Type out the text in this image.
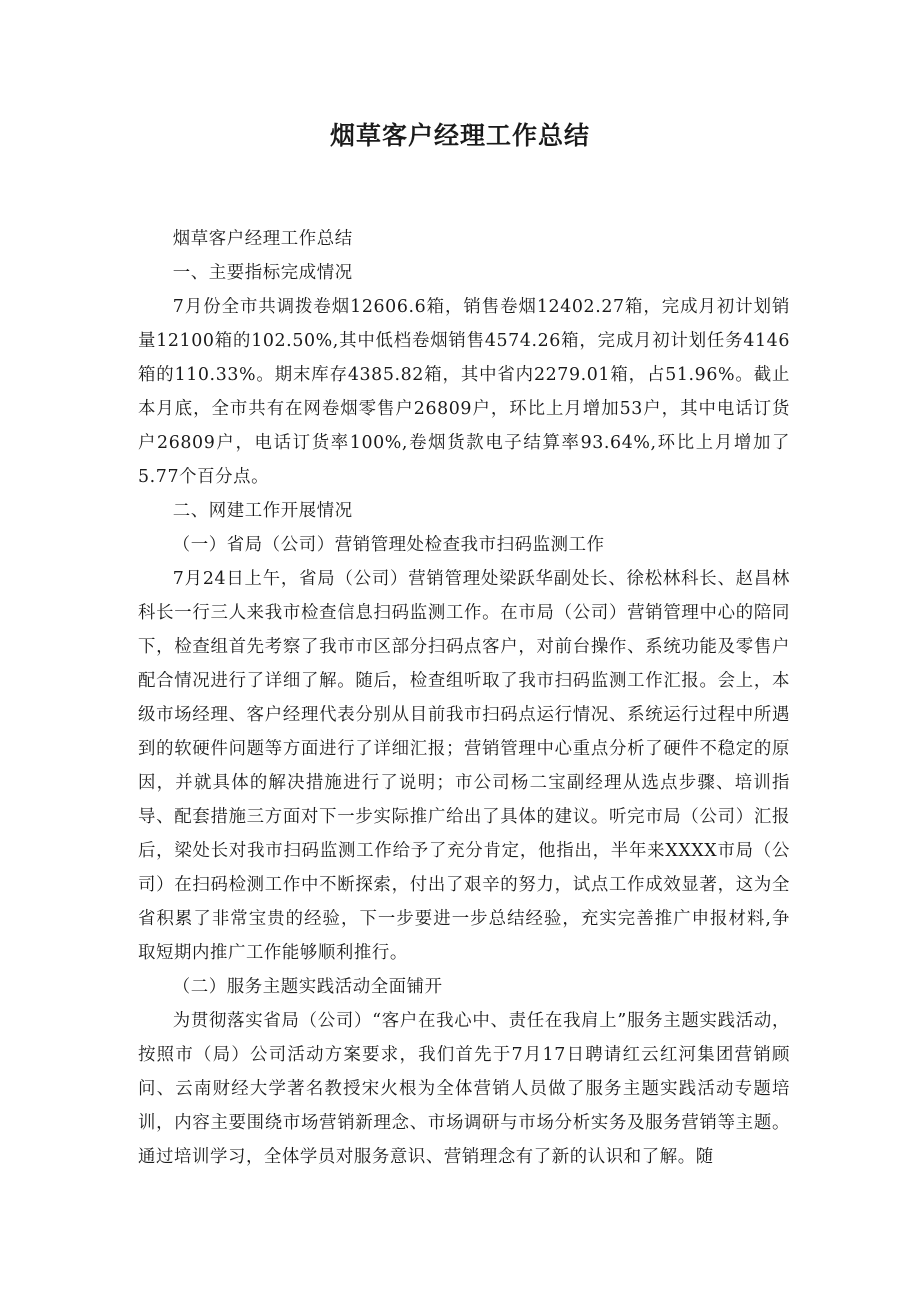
烟草客户经理工作总结

烟草客户经理工作总结

一、主要指标完成情况

7月份全市共调拨卷烟12606.6箱，销售卷烟12402.27箱，完成月初计划销量12100箱的102.50%,其中低档卷烟销售4574.26箱，完成月初计划任务4146箱的110.33%。期末库存4385.82箱，其中省内2279.01箱，占51.96%。截止本月底，全市共有在网卷烟零售户26809户，环比上月增加53户，其中电话订货户26809户，电话订货率100%,卷烟货款电子结算率93.64%,环比上月增加了5.77个百分点。

二、网建工作开展情况

（一）省局（公司）营销管理处检查我市扫码监测工作

7月24日上午，省局（公司）营销管理处梁跃华副处长、徐松林科长、赵昌林科长一行三人来我市检查信息扫码监测工作。在市局（公司）营销管理中心的陪同下，检查组首先考察了我市市区部分扫码点客户，对前台操作、系统功能及零售户配合情况进行了详细了解。随后，检查组听取了我市扫码监测工作汇报。会上，本级市场经理、客户经理代表分别从目前我市扫码点运行情况、系统运行过程中所遇到的软硬件问题等方面进行了详细汇报；营销管理中心重点分析了硬件不稳定的原因，并就具体的解决措施进行了说明；市公司杨二宝副经理从选点步骤、培训指导、配套措施三方面对下一步实际推广给出了具体的建议。听完市局（公司）汇报后，梁处长对我市扫码监测工作给予了充分肯定，他指出，半年来XXXX市局（公司）在扫码检测工作中不断探索，付出了艰辛的努力，试点工作成效显著，这为全省积累了非常宝贵的经验，下一步要进一步总结经验，充实完善推广申报材料,争取短期内推广工作能够顺利推行。

（二）服务主题实践活动全面铺开

为贯彻落实省局（公司）“客户在我心中、责任在我肩上”服务主题实践活动，按照市（局）公司活动方案要求，我们首先于7月17日聘请红云红河集团营销顾问、云南财经大学著名教授宋火根为全体营销人员做了服务主题实践活动专题培训，内容主要围绕市场营销新理念、市场调研与市场分析实务及服务营销等主题。通过培训学习，全体学员对服务意识、营销理念有了新的认识和了解。随
